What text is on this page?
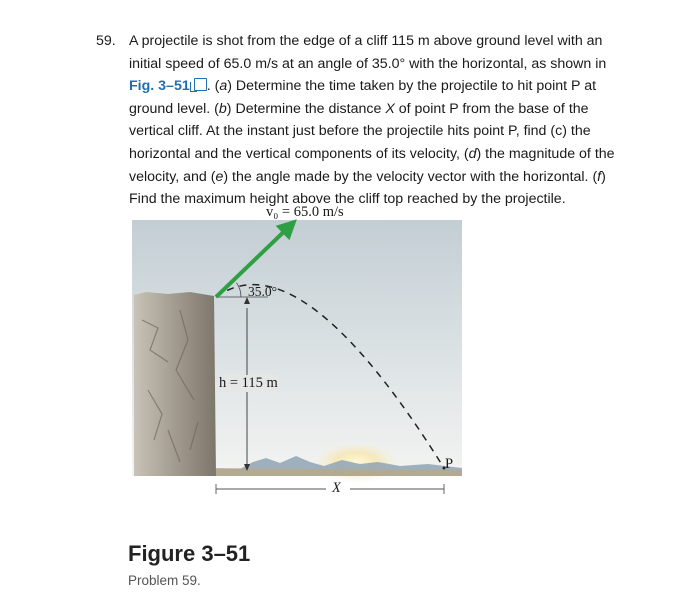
59. A projectile is shot from the edge of a cliff 115 m above ground level with an initial speed of 65.0 m/s at an angle of 35.0° with the horizontal, as shown in Fig. 3–51 . (a) Determine the time taken by the projectile to hit point P at ground level. (b) Determine the distance X of point P from the base of the vertical cliff. At the instant just before the projectile hits point P, find (c) the horizontal and the vertical components of its velocity, (d) the magnitude of the velocity, and (e) the angle made by the velocity vector with the horizontal. (f) Find the maximum height above the cliff top reached by the projectile.
v₀ = 65.0 m/s
35.0°
h = 115 m
X
P
Figure 3–51
Problem 59.
